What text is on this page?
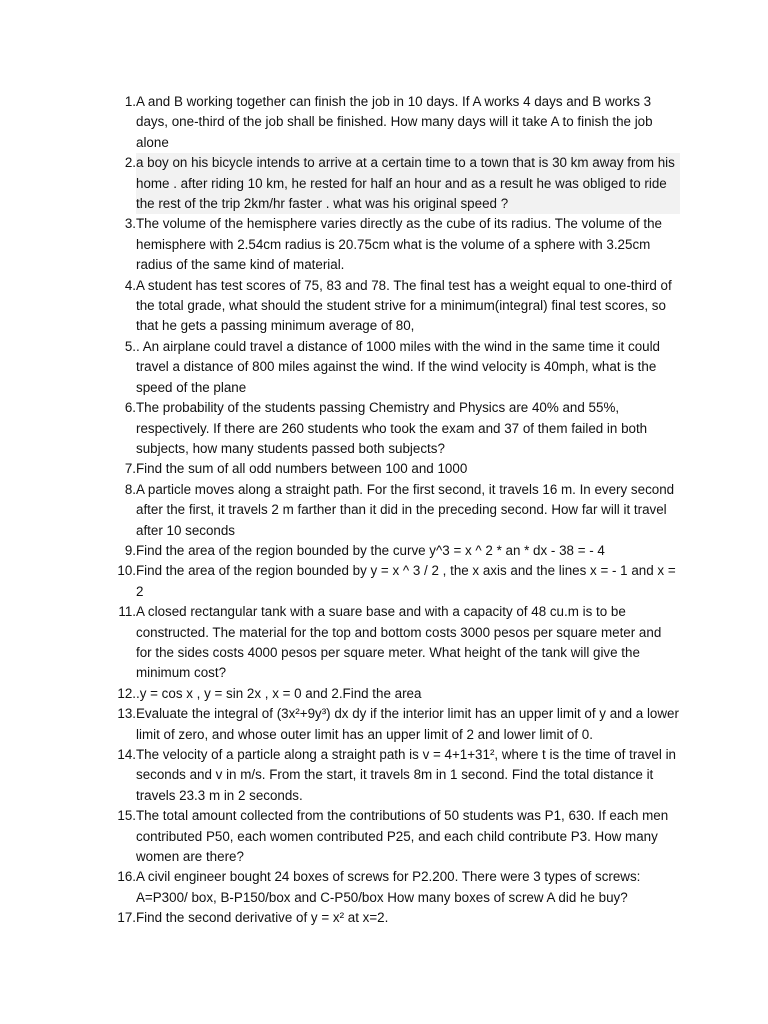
1. A and B working together can finish the job in 10 days. If A works 4 days and B works 3 days, one-third of the job shall be finished. How many days will it take A to finish the job alone
2. a boy on his bicycle intends to arrive at a certain time to a town that is 30 km away from his home . after riding 10 km, he rested for half an hour and as a result he was obliged to ride the rest of the trip 2km/hr faster . what was his original speed ?
3. The volume of the hemisphere varies directly as the cube of its radius. The volume of the hemisphere with 2.54cm radius is 20.75cm what is the volume of a sphere with 3.25cm radius of the same kind of material.
4. A student has test scores of 75, 83 and 78. The final test has a weight equal to one-third of the total grade, what should the student strive for a minimum(integral) final test scores, so that he gets a passing minimum average of 80,
5. . An airplane could travel a distance of 1000 miles with the wind in the same time it could travel a distance of 800 miles against the wind. If the wind velocity is 40mph, what is the speed of the plane
6. The probability of the students passing Chemistry and Physics are 40% and 55%, respectively. If there are 260 students who took the exam and 37 of them failed in both subjects, how many students passed both subjects?
7. Find the sum of all odd numbers between 100 and 1000
8. A particle moves along a straight path. For the first second, it travels 16 m. In every second after the first, it travels 2 m farther than it did in the preceding second. How far will it travel after 10 seconds
9. Find the area of the region bounded by the curve y^3 = x ^ 2 * an * dx - 38 = - 4
10. Find the area of the region bounded by y = x ^ 3 / 2 , the x axis and the lines x = - 1 and x = 2
11. A closed rectangular tank with a suare base and with a capacity of 48 cu.m is to be constructed. The material for the top and bottom costs 3000 pesos per square meter and for the sides costs 4000 pesos per square meter. What height of the tank will give the minimum cost?
12. .y = cos x , y = sin 2x , x = 0 and 2.Find the area
13. Evaluate the integral of (3x²+9y³) dx dy if the interior limit has an upper limit of y and a lower limit of zero, and whose outer limit has an upper limit of 2 and lower limit of 0.
14. The velocity of a particle along a straight path is v = 4+1+31², where t is the time of travel in seconds and v in m/s. From the start, it travels 8m in 1 second. Find the total distance it travels 23.3 m in 2 seconds.
15. The total amount collected from the contributions of 50 students was P1, 630. If each men contributed P50, each women contributed P25, and each child contribute P3. How many women are there?
16. A civil engineer bought 24 boxes of screws for P2.200. There were 3 types of screws: A=P300/ box, B-P150/box and C-P50/box How many boxes of screw A did he buy?
17. Find the second derivative of y = x² at x=2.
